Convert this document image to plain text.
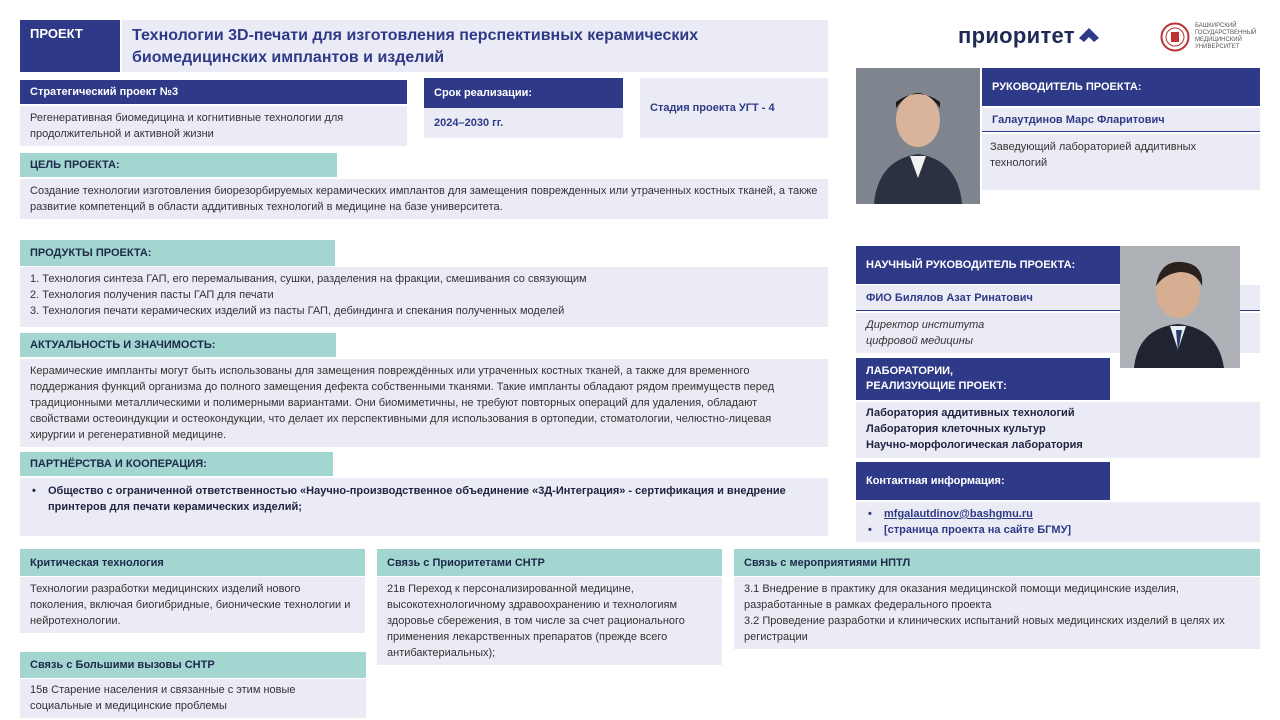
ПРОЕКТ	Технологии 3D-печати для изготовления перспективных керамических
биомедицинских имплантов и изделий
приоритет	БАШКИРСКИЙ
ГОСУДАРСТВЕННЫЙ
МЕДИЦИНСКИЙ
УНИВЕРСИТЕТ
Стратегический проект №3
Регенеративная биомедицина и когнитивные технологии для продолжительной и активной жизни
Срок реализации:
2024–2030 гг.
Стадия проекта УГТ - 4
ЦЕЛЬ ПРОЕКТА:
Создание технологии изготовления биорезорбируемых керамических имплантов для замещения поврежденных или утраченных костных тканей, а также развитие компетенций в области аддитивных технологий в медицине на базе университета.
ПРОДУКТЫ ПРОЕКТА:
1. Технология синтеза ГАП, его перемалывания, сушки, разделения на фракции, смешивания со связующим
2. Технология получения пасты ГАП для печати
3. Технология печати керамических изделий из пасты ГАП, дебиндинга и спекания полученных моделей
АКТУАЛЬНОСТЬ И ЗНАЧИМОСТЬ:
Керамические импланты могут быть использованы для замещения повреждённых или утраченных костных тканей, а также для временного поддержания функций организма до полного замещения дефекта собственными тканями. Такие импланты обладают рядом преимуществ перед традиционными металлическими и полимерными вариантами. Они биомиметичны, не требуют повторных операций для удаления, обладают свойствами остеоиндукции и остеокондукции, что делает их перспективными для использования в ортопедии, стоматологии, челюстно-лицевая хирургии и регенеративной медицине.
ПАРТНЁРСТВА И КООПЕРАЦИЯ:
• Общество с ограниченной ответственностью «Научно-производственное объединение «3Д-Интеграция» - сертификация и внедрение принтеров для печати керамических изделий;
РУКОВОДИТЕЛЬ ПРОЕКТА:
Галаутдинов Марс Фларитович
Заведующий лабораторией аддитивных технологий
НАУЧНЫЙ РУКОВОДИТЕЛЬ ПРОЕКТА:
ФИО Билялов Азат Ринатович
Директор института
цифровой медицины
ЛАБОРАТОРИИ,
РЕАЛИЗУЮЩИЕ ПРОЕКТ:
Лаборатория аддитивных технологий
Лаборатория клеточных культур
Научно-морфологическая лаборатория
Контактная информация:
• mfgalautdinov@bashgmu.ru
• [страница проекта на сайте БГМУ]
Критическая технология
Технологии разработки медицинских изделий нового поколения, включая биогибридные, бионические технологии и нейротехнологии.
Связь с Большими вызовы СНТР
15в Старение населения и связанные с этим новые социальные и медицинские проблемы
Связь с Приоритетами СНТР
21в Переход к персонализированной медицине, высокотехнологичному здравоохранению и технологиям здоровье сбережения, в том числе за счет рационального применения лекарственных препаратов (прежде всего антибактериальных);
Связь с мероприятиями НПТЛ
3.1 Внедрение в практику для оказания медицинской помощи медицинские изделия, разработанные в рамках федерального проекта
3.2 Проведение разработки и клинических испытаний новых медицинских изделий в целях их регистрации
